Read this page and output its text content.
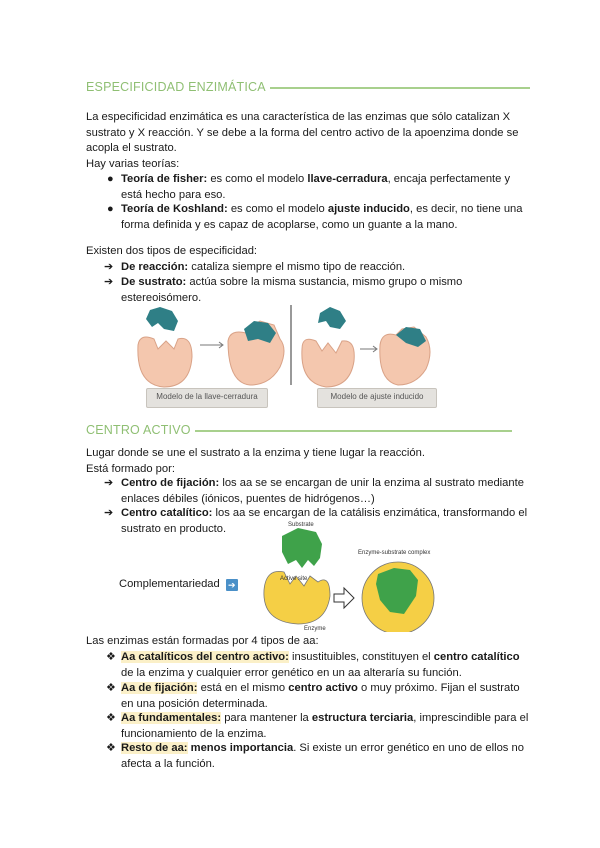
ESPECIFICIDAD ENZIMÁTICA
La especificidad enzimática es una característica de las enzimas que sólo catalizan X
sustrato y X reacción. Y se debe a la forma del centro activo de la apoenzima donde se
acopla el sustrato.
Hay varias teorías:
● Teoría de fisher: es como el modelo llave-cerradura, encaja perfectamente y
está hecho para eso.
● Teoría de Koshland: es como el modelo ajuste inducido, es decir, no tiene una
forma definida y es capaz de acoplarse, como un guante a la mano.
Existen dos tipos de especificidad:
➔ De reacción: cataliza siempre el mismo tipo de reacción.
➔ De sustrato: actúa sobre la misma sustancia, mismo grupo o mismo
estereoisómero.
Modelo de la llave-cerradura	Modelo de ajuste inducido
CENTRO ACTIVO
Lugar donde se une el sustrato a la enzima y tiene lugar la reacción.
Está formado por:
➔ Centro de fijación: los aa se se encargan de unir la enzima al sustrato mediante
enlaces débiles (iónicos, puentes de hidrógenos…)
➔ Centro catalítico: los aa se encargan de la catálisis enzimática, transformando el
sustrato en producto.
Complementariedad ➔
Substrate
Active site
Enzyme
Enzyme-substrate complex
Las enzimas están formadas por 4 tipos de aa:
❖ Aa catalíticos del centro activo: insustituibles, constituyen el centro catalítico
de la enzima y cualquier error genético en un aa alteraría su función.
❖ Aa de fijación: está en el mismo centro activo o muy próximo. Fijan el sustrato
en una posición determinada.
❖ Aa fundamentales: para mantener la estructura terciaria, imprescindible para el
funcionamiento de la enzima.
❖ Resto de aa: menos importancia. Si existe un error genético en uno de ellos no
afecta a la función.
